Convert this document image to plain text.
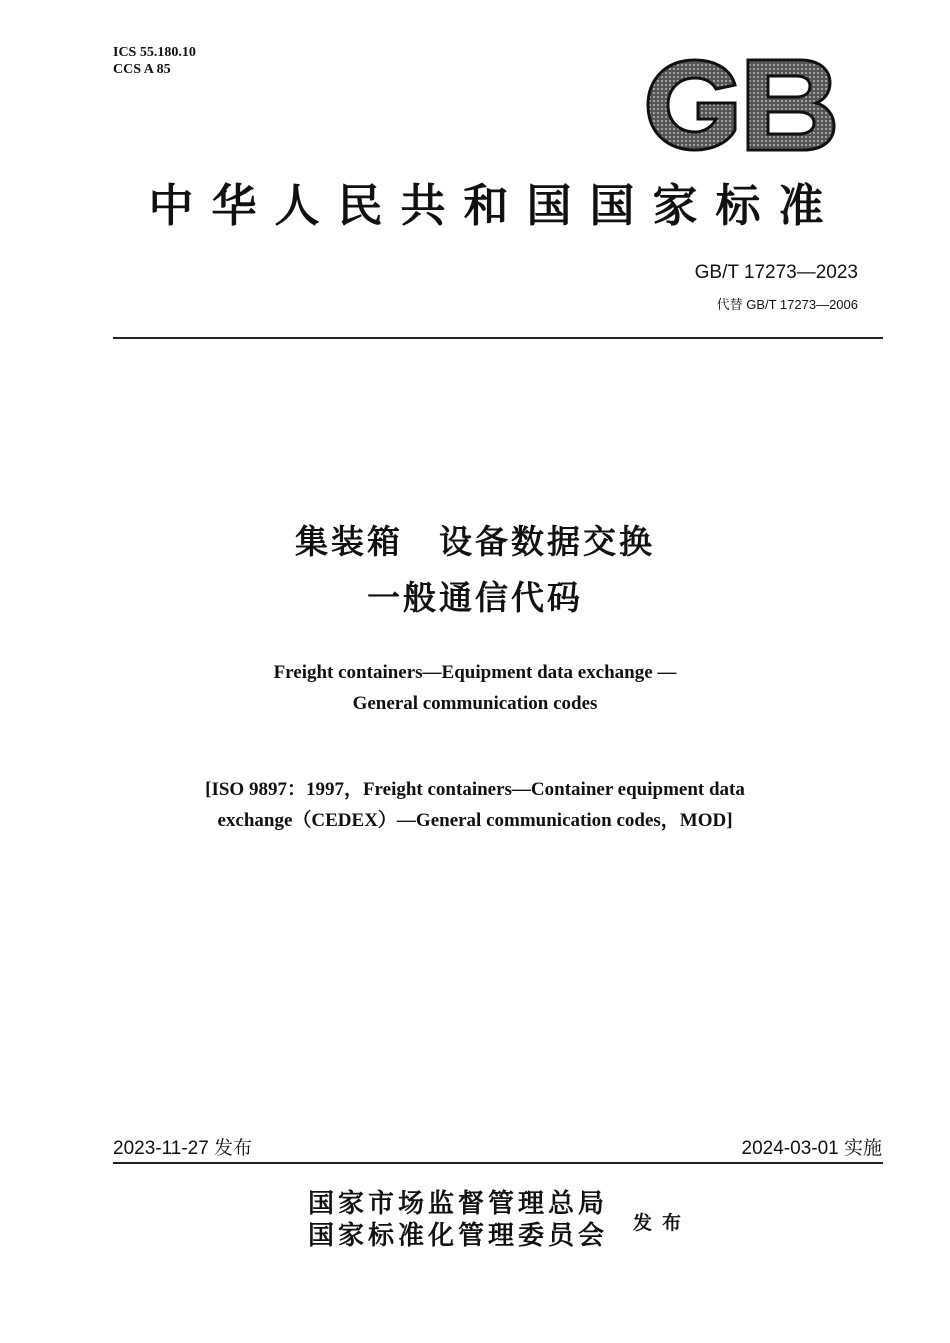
ICS 55.180.10
CCS A 85
中华人民共和国国家标准
GB/T 17273—2023
代替 GB/T 17273—2006
集装箱　设备数据交换
一般通信代码
Freight containers—Equipment data exchange —
General communication codes
[ISO 9897：1997，Freight containers—Container equipment data
exchange（CEDEX）—General communication codes，MOD]
2023-11-27 发布	2024-03-01 实施
国家市场监督管理总局
国家标准化管理委员会 发布
